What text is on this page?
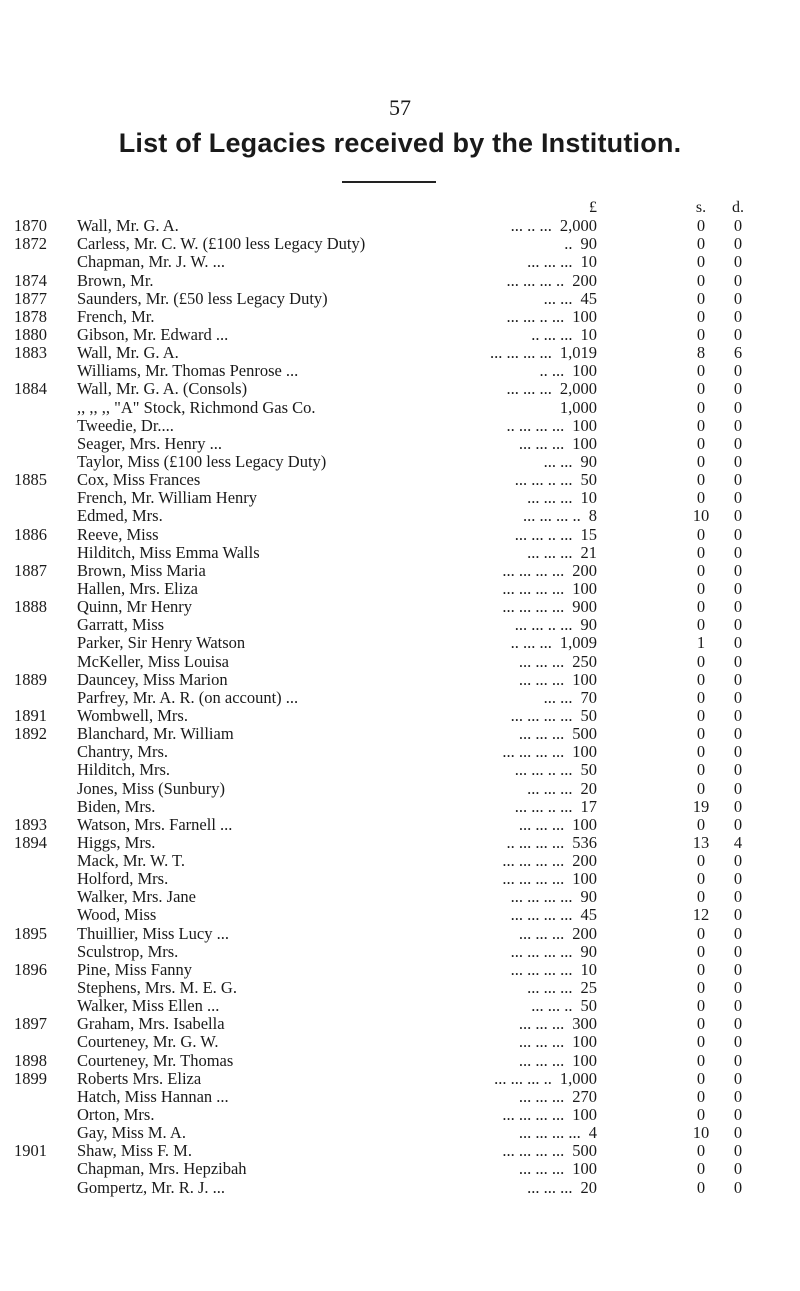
57
List of Legacies received by the Institution.
£	s.	d.
1870	Wall, Mr. G. A.	2,000	0	0
... .. ...
1872	Carless, Mr. C. W. (£100 less Legacy Duty)	90	0	0
..
Chapman, Mr. J. W. ...	10	0	0
... ... ...
1874	Brown, Mr.	200	0	0
... ... ... ..
1877	Saunders, Mr. (£50 less Legacy Duty)	45	0	0
... ...
1878	French, Mr.	100	0	0
... ... .. ...
1880	Gibson, Mr. Edward ...	10	0	0
.. ... ...
1883	Wall, Mr. G. A.	1,019	8	6
... ... ... ...
Williams, Mr. Thomas Penrose ...	100	0	0
.. ...
1884	Wall, Mr. G. A. (Consols)	2,000	0	0
... ... ...
,, ,, ,, "A" Stock, Richmond Gas Co.	1,000	0	0
Tweedie, Dr....	100	0	0
.. ... ... ...
Seager, Mrs. Henry ...	100	0	0
... ... ...
Taylor, Miss (£100 less Legacy Duty)	90	0	0
... ...
1885	Cox, Miss Frances	50	0	0
... ... .. ...
French, Mr. William Henry	10	0	0
... ... ...
Edmed, Mrs.	8	10	0
... ... ... ..
1886	Reeve, Miss	15	0	0
... ... .. ...
Hilditch, Miss Emma Walls	21	0	0
... ... ...
1887	Brown, Miss Maria	200	0	0
... ... ... ...
Hallen, Mrs. Eliza	100	0	0
... ... ... ...
1888	Quinn, Mr Henry	900	0	0
... ... ... ...
Garratt, Miss	90	0	0
... ... .. ...
Parker, Sir Henry Watson	1,009	1	0
.. ... ...
McKeller, Miss Louisa	250	0	0
... ... ...
1889	Dauncey, Miss Marion	100	0	0
... ... ...
Parfrey, Mr. A. R. (on account) ...	70	0	0
... ...
1891	Wombwell, Mrs.	50	0	0
... ... ... ...
1892	Blanchard, Mr. William	500	0	0
... ... ...
Chantry, Mrs.	100	0	0
... ... ... ...
Hilditch, Mrs.	50	0	0
... ... .. ...
Jones, Miss (Sunbury)	20	0	0
... ... ...
Biden, Mrs.	17	19	0
... ... .. ...
1893	Watson, Mrs. Farnell ...	100	0	0
... ... ...
1894	Higgs, Mrs.	536	13	4
.. ... ... ...
Mack, Mr. W. T.	200	0	0
... ... ... ...
Holford, Mrs.	100	0	0
... ... ... ...
Walker, Mrs. Jane	90	0	0
... ... ... ...
Wood, Miss	45	12	0
... ... ... ...
1895	Thuillier, Miss Lucy ...	200	0	0
... ... ...
Sculstrop, Mrs.	90	0	0
... ... ... ...
1896	Pine, Miss Fanny	10	0	0
... ... ... ...
Stephens, Mrs. M. E. G.	25	0	0
... ... ...
Walker, Miss Ellen ...	50	0	0
... ... ..
1897	Graham, Mrs. Isabella	300	0	0
... ... ...
Courteney, Mr. G. W.	100	0	0
... ... ...
1898	Courteney, Mr. Thomas	100	0	0
... ... ...
1899	Roberts Mrs. Eliza	1,000	0	0
... ... ... ..
Hatch, Miss Hannan ...	270	0	0
... ... ...
Orton, Mrs.	100	0	0
... ... ... ...
Gay, Miss M. A.	4	10	0
... ... ... ...
1901	Shaw, Miss F. M.	500	0	0
... ... ... ...
Chapman, Mrs. Hepzibah	100	0	0
... ... ...
Gompertz, Mr. R. J. ...	20	0	0
... ... ...
